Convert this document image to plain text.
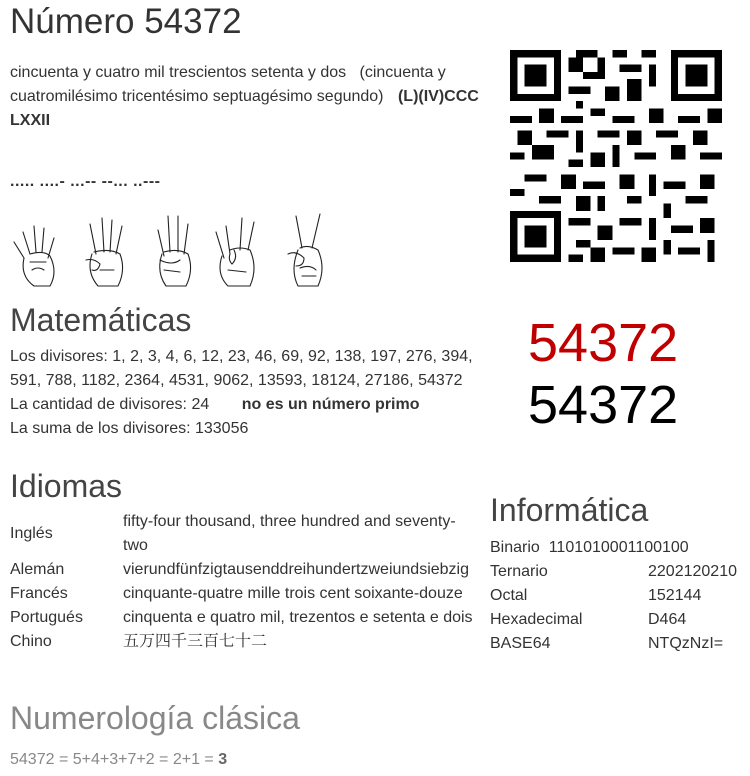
Número 54372
cincuenta y cuatro mil trescientos setenta y dos (cincuenta y cuatromilésimo tricentésimo septuagésimo segundo) (L)(IV)CCC LXXII
..... ....- ...-- --... ..---
Matemáticas
Los divisores: 1, 2, 3, 4, 6, 12, 23, 46, 69, 92, 138, 197, 276, 394, 591, 788, 1182, 2364, 4531, 9062, 13593, 18124, 27186, 54372
La cantidad de divisores: 24 no es un número primo
La suma de los divisores: 133056
54372
54372
Idiomas
Inglés	fifty-four thousand, three hundred and seventy-two
Alemán	vierundfünfzigtausenddreihundertzweiundsiebzig
Francés	cinquante-quatre mille trois cent soixante-douze
Portugués	cinquenta e quatro mil, trezentos e setenta e dois
Chino	五万四千三百七十二
Informática
Binario 1101010001100100	
Ternario	2202120210
Octal	152144
Hexadecimal	D464
BASE64	NTQzNzI=
Numerología clásica
54372 = 5+4+3+7+2 = 2+1 = 3
